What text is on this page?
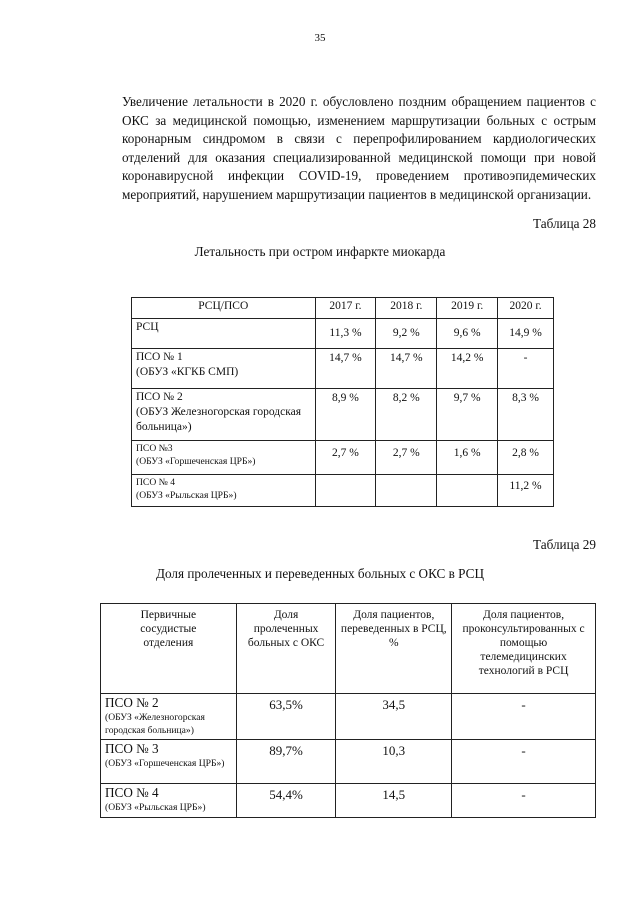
35

Увеличение летальности в 2020 г. обусловлено поздним обращением пациентов с ОКС за медицинской помощью, изменением маршрутизации больных с острым коронарным синдромом в связи с перепрофилированием кардиологических отделений для оказания специализированной медицинской помощи при новой коронавирусной инфекции COVID-19, проведением противоэпидемических мероприятий, нарушением маршрутизации пациентов в медицинской организации.

Таблица 28
Летальность при остром инфаркте миокарда
РСЦ/ПСО	2017 г.	2018 г.	2019 г.	2020 г.

РСЦ	11,3 %	9,2 %	9,6 %	14,9 %

ПСО № 1
(ОБУЗ «КГКБ СМП)	14,7 %	14,7 %	14,2 %	-

ПСО № 2
(ОБУЗ Железногорская городская больница»)	8,9 %	8,2 %	9,7 %	8,3 %

ПСО №3
(ОБУЗ «Горшеченская ЦРБ»)	2,7 %	2,7 %	1,6 %	2,8 %

ПСО № 4
(ОБУЗ «Рыльская ЦРБ»)				11,2 %
Таблица 29
Доля пролеченных и переведенных больных с ОКС в РСЦ
Первичные сосудистые отделения	Доля пролеченных больных с ОКС	Доля пациентов, переведенных в РСЦ, %	Доля пациентов, проконсультированных с помощью телемедицинских технологий в РСЦ

ПСО № 2
(ОБУЗ «Железногорская городская больница»)	63,5%	34,5	-

ПСО № 3
(ОБУЗ «Горшеченская ЦРБ»)	89,7%	10,3	-

ПСО № 4
(ОБУЗ «Рыльская ЦРБ»)	54,4%	14,5	-
